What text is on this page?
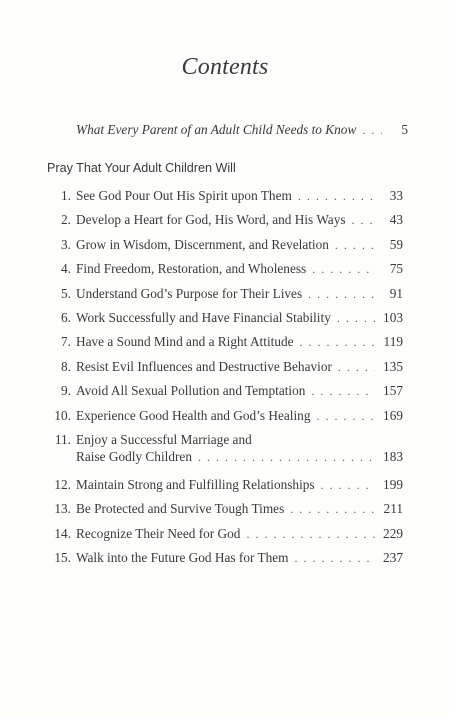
Contents
What Every Parent of an Adult Child Needs to Know . . .	5
Pray That Your Adult Children Will
1. See God Pour Out His Spirit upon Them . . .	33
2. Develop a Heart for God, His Word, and His Ways . . .	43
3. Grow in Wisdom, Discernment, and Revelation . . .	59
4. Find Freedom, Restoration, and Wholeness . . .	75
5. Understand God’s Purpose for Their Lives . . .	91
6. Work Successfully and Have Financial Stability . . .	103
7. Have a Sound Mind and a Right Attitude . . .	119
8. Resist Evil Influences and Destructive Behavior . . .	135
9. Avoid All Sexual Pollution and Temptation . . .	157
10. Experience Good Health and God’s Healing . . .	169
11. Enjoy a Successful Marriage and
Raise Godly Children . . .	183
12. Maintain Strong and Fulfilling Relationships . . .	199
13. Be Protected and Survive Tough Times . . .	211
14. Recognize Their Need for God . . .	229
15. Walk into the Future God Has for Them . . .	237
